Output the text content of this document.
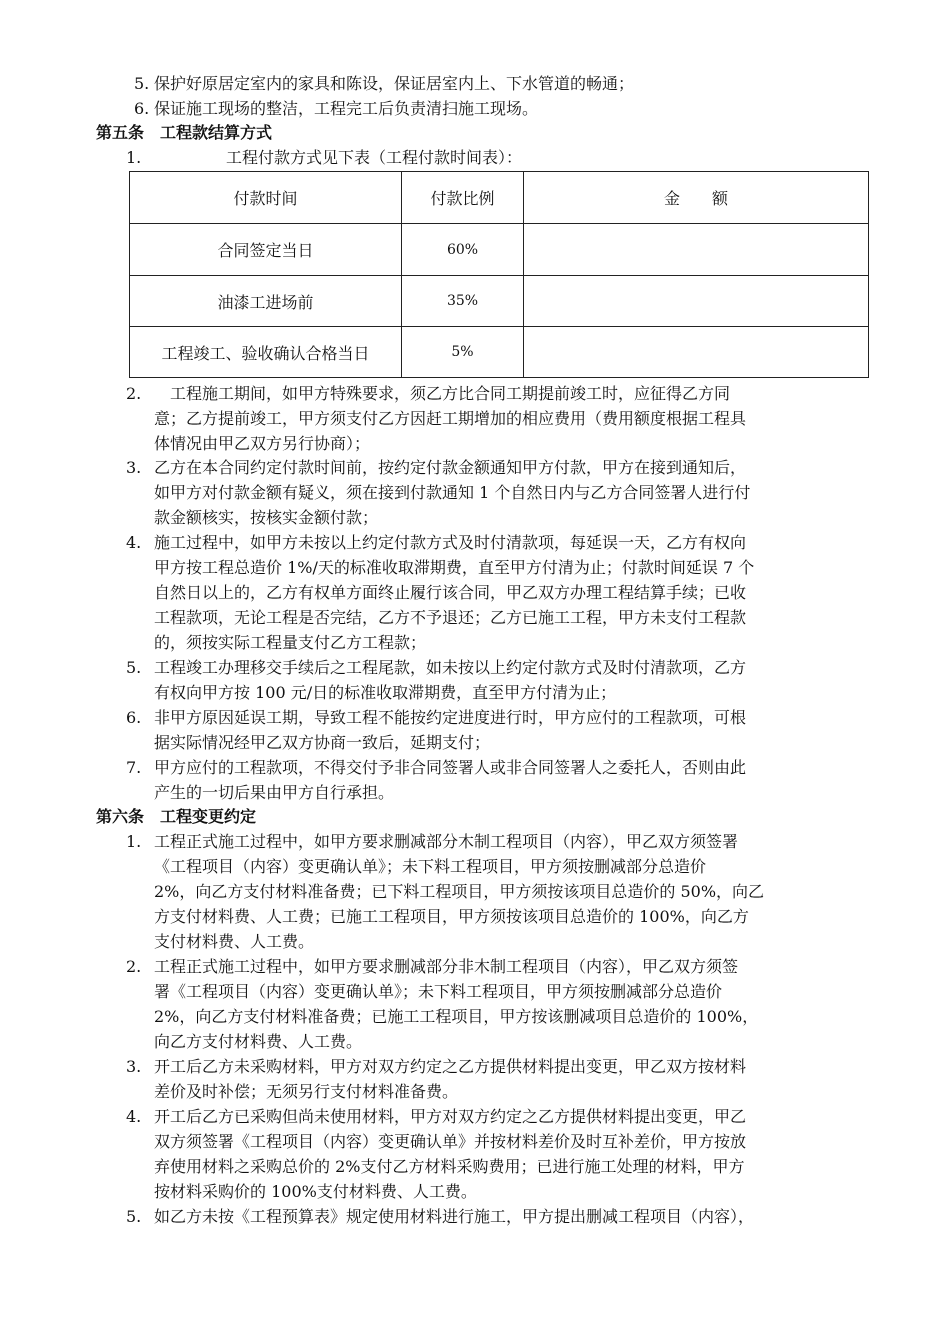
5. 保护好原居定室内的家具和陈设，保证居室内上、下水管道的畅通；
6. 保证施工现场的整洁，工程完工后负责清扫施工现场。
第五条　工程款结算方式
1.	工程付款方式见下表（工程付款时间表）：
付款时间	付款比例	金　　额
合同签定当日	60%	
油漆工进场前	35%	
工程竣工、验收确认合格当日	5%	
2. 　工程施工期间，如甲方特殊要求，须乙方比合同工期提前竣工时，应征得乙方同
意；乙方提前竣工，甲方须支付乙方因赶工期增加的相应费用（费用额度根据工程具
体情况由甲乙双方另行协商）；
3. 乙方在本合同约定付款时间前，按约定付款金额通知甲方付款，甲方在接到通知后，
如甲方对付款金额有疑义，须在接到付款通知 1 个自然日内与乙方合同签署人进行付
款金额核实，按核实金额付款；
4. 施工过程中，如甲方未按以上约定付款方式及时付清款项，每延误一天，乙方有权向
甲方按工程总造价 1%/天的标准收取滞期费，直至甲方付清为止；付款时间延误 7 个
自然日以上的，乙方有权单方面终止履行该合同，甲乙双方办理工程结算手续；已收
工程款项，无论工程是否完结，乙方不予退还；乙方已施工工程，甲方未支付工程款
的，须按实际工程量支付乙方工程款；
5. 工程竣工办理移交手续后之工程尾款，如未按以上约定付款方式及时付清款项，乙方
有权向甲方按 100 元/日的标准收取滞期费，直至甲方付清为止；
6. 非甲方原因延误工期，导致工程不能按约定进度进行时，甲方应付的工程款项，可根
据实际情况经甲乙双方协商一致后，延期支付；
7. 甲方应付的工程款项，不得交付予非合同签署人或非合同签署人之委托人，否则由此
产生的一切后果由甲方自行承担。
第六条　工程变更约定
1. 工程正式施工过程中，如甲方要求删减部分木制工程项目（内容），甲乙双方须签署
《工程项目（内容）变更确认单》；未下料工程项目，甲方须按删减部分总造价
2%，向乙方支付材料准备费；已下料工程项目，甲方须按该项目总造价的 50%，向乙
方支付材料费、人工费；已施工工程项目，甲方须按该项目总造价的 100%，向乙方
支付材料费、人工费。
2. 工程正式施工过程中，如甲方要求删减部分非木制工程项目（内容），甲乙双方须签
署《工程项目（内容）变更确认单》；未下料工程项目，甲方须按删减部分总造价
2%，向乙方支付材料准备费；已施工工程项目，甲方按该删减项目总造价的 100%，
向乙方支付材料费、人工费。
3. 开工后乙方未采购材料，甲方对双方约定之乙方提供材料提出变更，甲乙双方按材料
差价及时补偿；无须另行支付材料准备费。
4. 开工后乙方已采购但尚未使用材料，甲方对双方约定之乙方提供材料提出变更，甲乙
双方须签署《工程项目（内容）变更确认单》并按材料差价及时互补差价，甲方按放
弃使用材料之采购总价的 2%支付乙方材料采购费用；已进行施工处理的材料，甲方
按材料采购价的 100%支付材料费、人工费。
5. 如乙方未按《工程预算表》规定使用材料进行施工，甲方提出删减工程项目（内容），
